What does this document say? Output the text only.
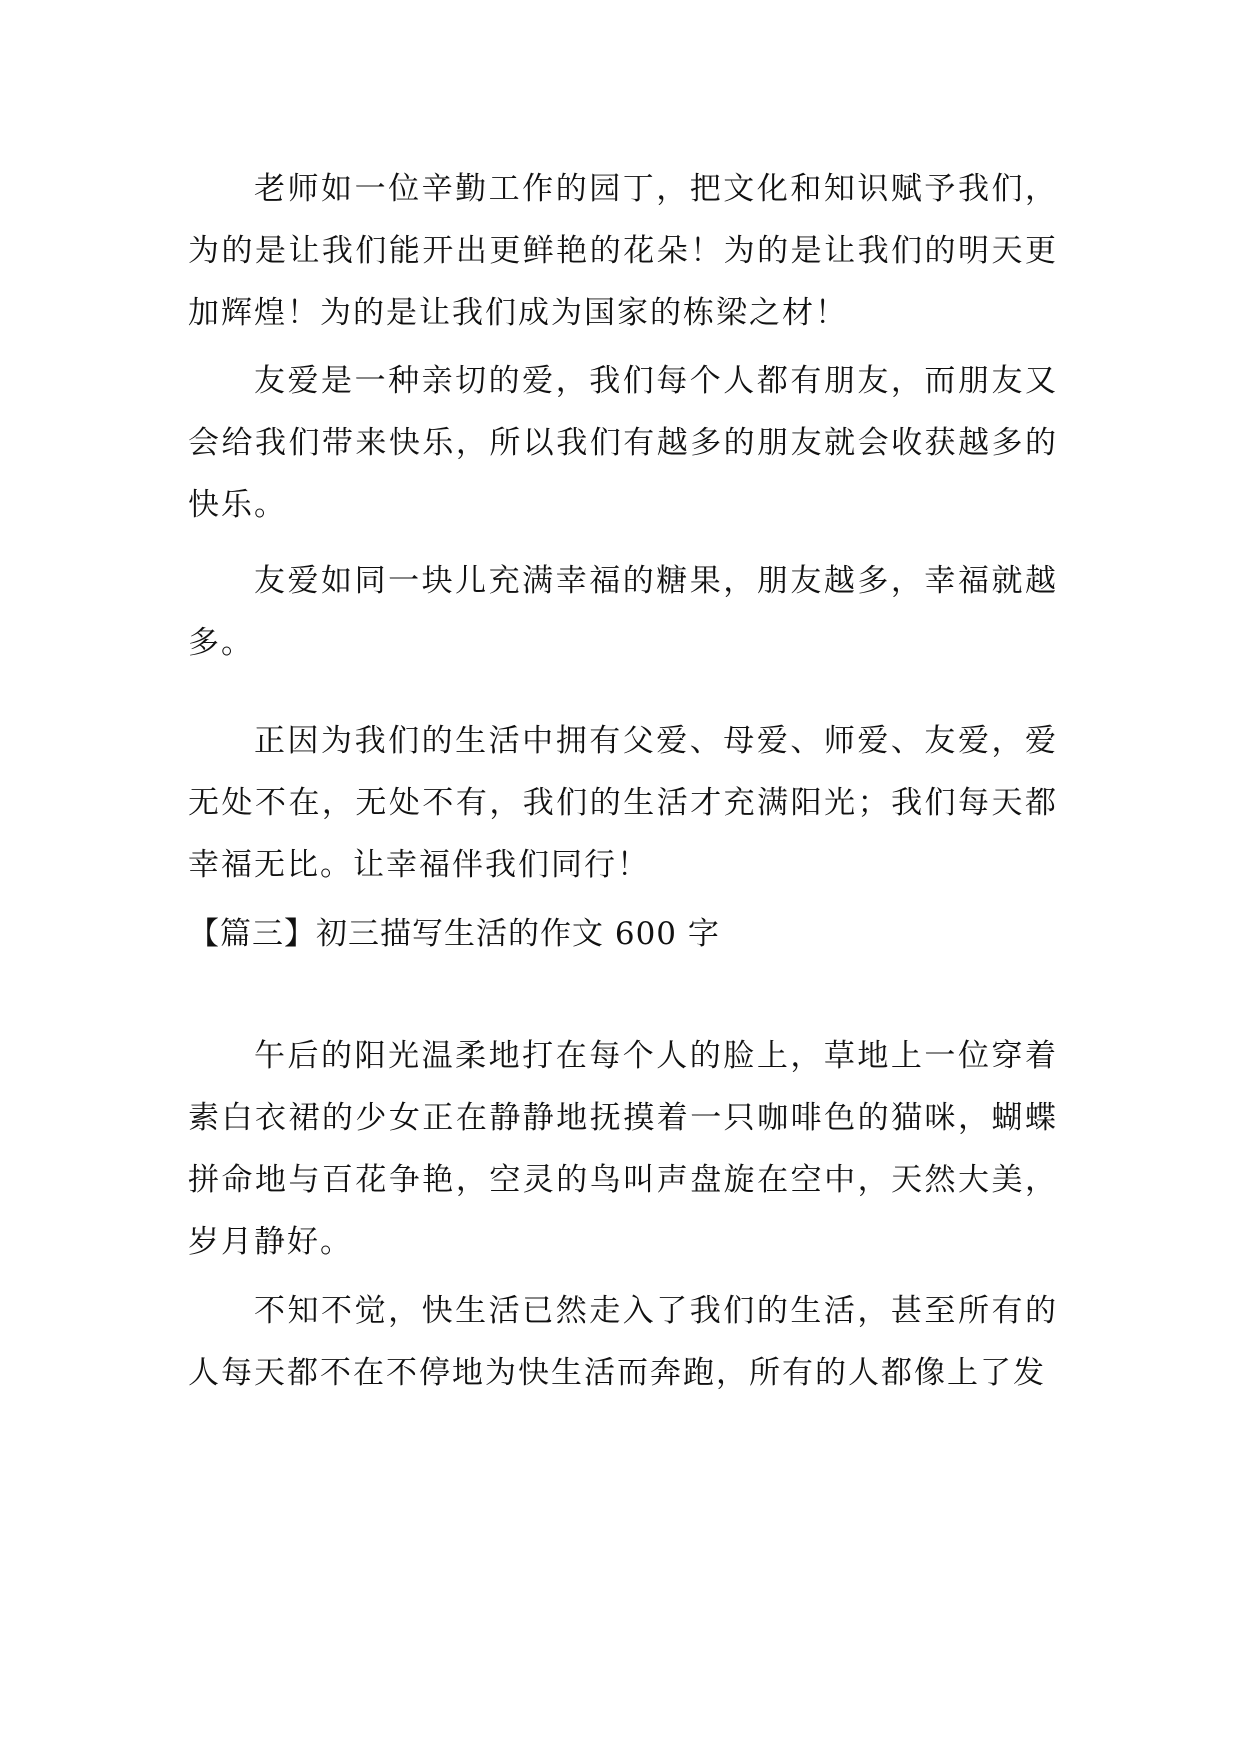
老师如一位辛勤工作的园丁，把文化和知识赋予我们，为的是让我们能开出更鲜艳的花朵！为的是让我们的明天更加辉煌！为的是让我们成为国家的栋梁之材！

友爱是一种亲切的爱，我们每个人都有朋友，而朋友又会给我们带来快乐，所以我们有越多的朋友就会收获越多的快乐。

友爱如同一块儿充满幸福的糖果，朋友越多，幸福就越多。

正因为我们的生活中拥有父爱、母爱、师爱、友爱，爱无处不在，无处不有，我们的生活才充满阳光；我们每天都幸福无比。让幸福伴我们同行！

【篇三】初三描写生活的作文 600 字

午后的阳光温柔地打在每个人的脸上，草地上一位穿着素白衣裙的少女正在静静地抚摸着一只咖啡色的猫咪，蝴蝶拼命地与百花争艳，空灵的鸟叫声盘旋在空中，天然大美，岁月静好。

不知不觉，快生活已然走入了我们的生活，甚至所有的人每天都不在不停地为快生活而奔跑，所有的人都像上了发
